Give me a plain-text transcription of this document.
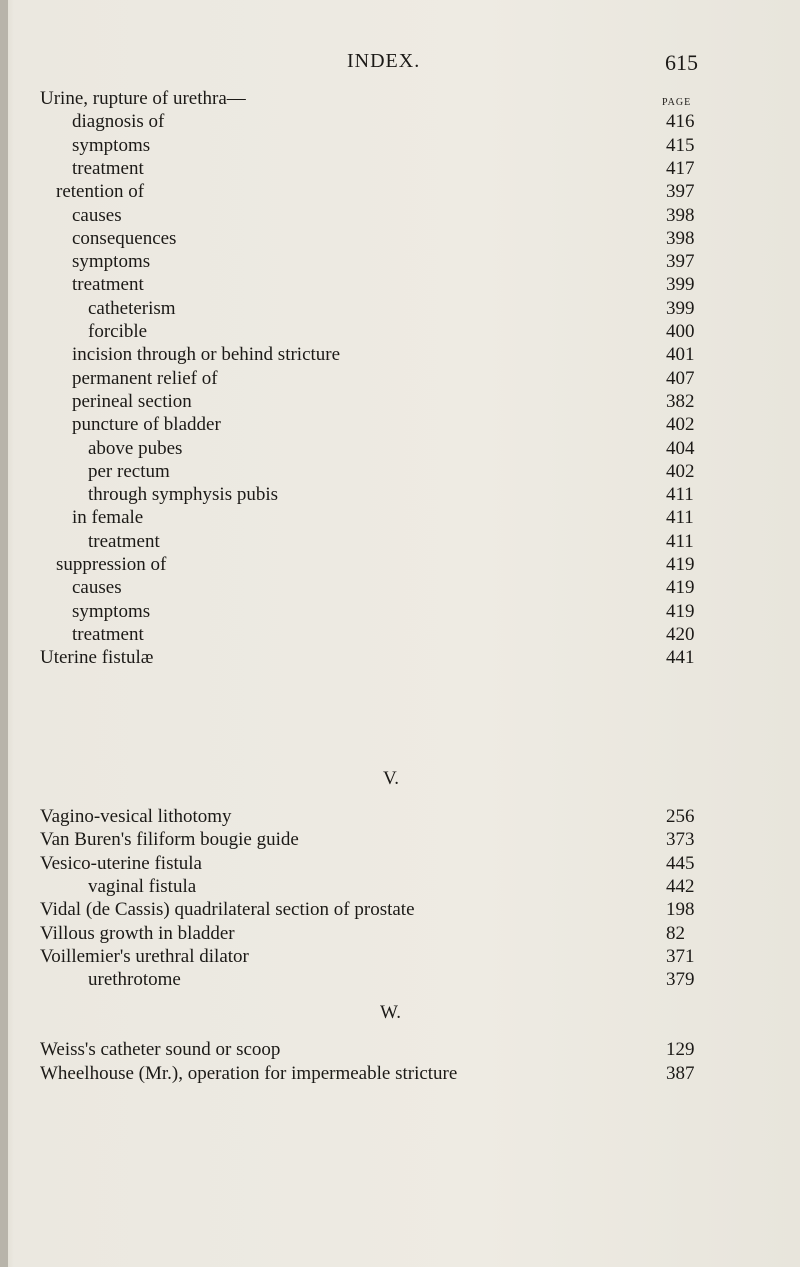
INDEX.	615
PAGE
Urine, rupture of urethra—
diagnosis of	416
symptoms	415
treatment	417
retention of	397
causes	398
consequences	398
symptoms	397
treatment	399
catheterism	399
forcible	400
incision through or behind stricture	401
permanent relief of	407
perineal section	382
puncture of bladder	402
above pubes	404
per rectum	402
through symphysis pubis	411
in female	411
treatment	411
suppression of	419
causes	419
symptoms	419
treatment	420
Uterine fistulæ	441
Vagino-vesical lithotomy	256
Van Buren's filiform bougie guide	373
Vesico-uterine fistula	445
vaginal fistula	442
Vidal (de Cassis) quadrilateral section of prostate	198
Villous growth in bladder	82
Voillemier's urethral dilator	371
urethrotome	379
Weiss's catheter sound or scoop	129
Wheelhouse (Mr.), operation for impermeable stricture	387
V.
W.
